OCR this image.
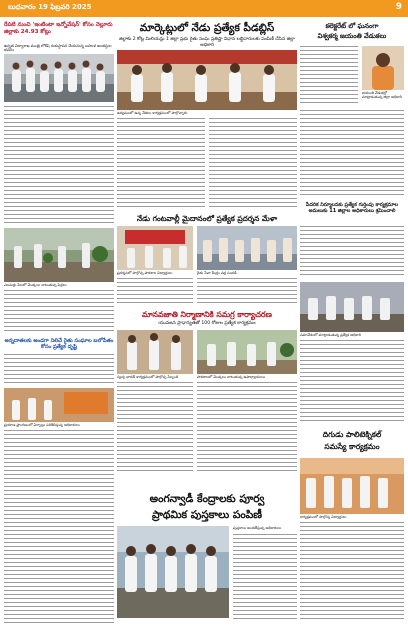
బుధవారం 19 ఫిబ్రవరి 2025	9
రేపటి నుంచి 'ఇంటింటా ఇన్నోవేషన్' కోసం నెల్లూరు జిల్లాకు 24.93 కోట్లు
ఉన్నత విద్యాశాఖ మంత్రి లోకేష్ శంకుస్థాపన చేయనున్న బహుళ అంతస్తుల భవనం
ఎలమర్రు పేటలో మొక్కలు నాటుతున్న పెద్దలు
అన్నదాతలకు అండగా నిలిచే రైతు సంఘాల బలోపేతం కోసం ప్రత్యేక దృష్టి
ప్రయాణ ప్రాంగణంలో ఏర్పాట్లు పరిశీలిస్తున్న అధికారులు
మార్కెట్లులో నేడు ప్రత్యేక పీడబ్లిస్
జిల్లాకు 2 కోట్ల మిలియన్లు 1 జిల్లా ప్రభు రైతు సంఘ ప్రతిష్టా విధాన లబ్ధిదారులకు పంపిణీ చేసిన జిల్లా అధికారి
ఉద్యమంలో ఉన్న నేతలు కార్యక్రమంలో పాల్గొన్నారు
నేడు గంటవాల్లీ మైదానంలో ప్రత్యేక ప్రదర్శన మేళా
ప్రదర్శనలో పాల్గొన్న పాఠశాల విద్యార్థులు	రైతు సేవా కేంద్రం వద్ద సందడి
మానవజాతి నిర్మాణానికి సమగ్ర కార్యాచరణ
యువజన ప్రాధాన్యతతో 100 రోజుల ప్రత్యేక కార్యక్రమం
స్వచ్ఛ భారత్ కార్యక్రమంలో పాల్గొన్న సిబ్బంది	పాఠశాలలో మొక్కలు నాటుతున్న ఉపాధ్యాయులు
అంగన్వాడీ కేంద్రాలకు పూర్వ
ప్రాథమిక పుస్తకాలు పంపిణీ
పుస్తకాలు అందజేస్తున్న అధికారులు
కలెక్టరేట్ లో ఘనంగా
విశ్వకర్మ జయంతి వేడుకలు
జయంతి వేడుకల్లో మాట్లాడుతున్న జిల్లా అధికారి
పేదరిక నిర్మూలనకు ప్రత్యేక గుర్తింపు కార్యక్రమాల అమలుకు 11 జిల్లాల అధికారులు శ్రమించాలి
సమావేశంలో మాట్లాడుతున్న ప్రత్యేక అధికారి
దిగుడు పాలిటెక్నికల్
సమస్యే కార్యక్రమం
కార్యక్రమంలో పాల్గొన్న విద్యార్థులు
